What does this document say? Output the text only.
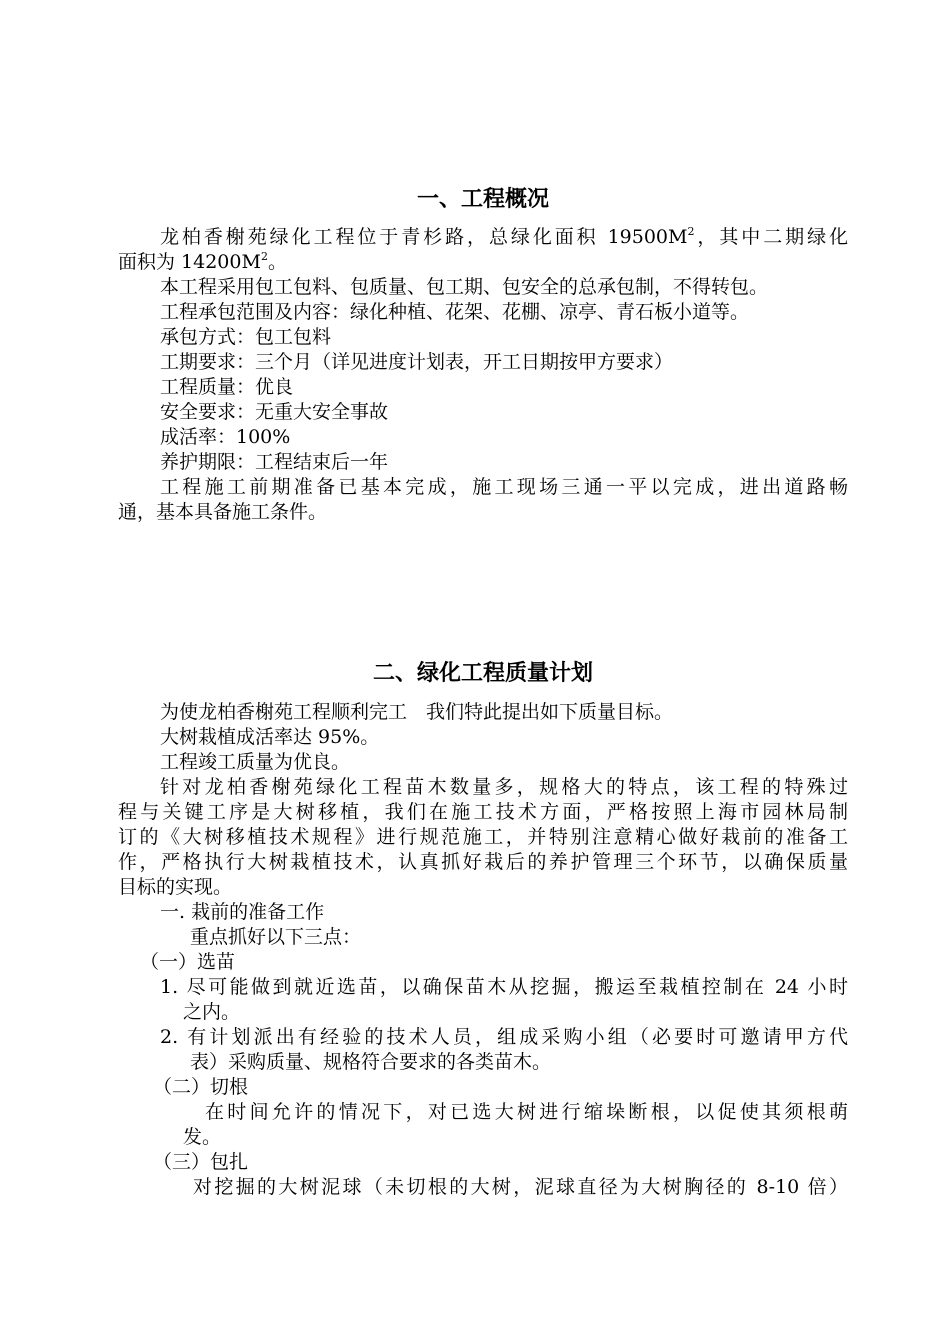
一、工程概况
龙柏香榭苑绿化工程位于青杉路，总绿化面积 $19500M^2$，其中二期绿化
面积为 $14200M^2$。
本工程采用包工包料、包质量、包工期、包安全的总承包制，不得转包。
工程承包范围及内容：绿化种植、花架、花棚、凉亭、青石板小道等。
承包方式：包工包料
工期要求：三个月（详见进度计划表，开工日期按甲方要求）
工程质量：优良
安全要求：无重大安全事故
成活率：100%
养护期限：工程结束后一年
工程施工前期准备已基本完成，施工现场三通一平以完成，进出道路畅
通，基本具备施工条件。
二、绿化工程质量计划
为使龙柏香榭苑工程顺利完工　我们特此提出如下质量目标。
大树栽植成活率达 95%。
工程竣工质量为优良。
针对龙柏香榭苑绿化工程苗木数量多，规格大的特点，该工程的特殊过
程与关键工序是大树移植，我们在施工技术方面，严格按照上海市园林局制
订的《大树移植技术规程》进行规范施工，并特别注意精心做好栽前的准备工
作，严格执行大树栽植技术，认真抓好栽后的养护管理三个环节，以确保质量
目标的实现。
一. 栽前的准备工作
重点抓好以下三点：
（一）选苗
1. 尽可能做到就近选苗，以确保苗木从挖掘，搬运至栽植控制在 24 小时
之内。
2. 有计划派出有经验的技术人员，组成采购小组（必要时可邀请甲方代
表）采购质量、规格符合要求的各类苗木。
（二）切根
在时间允许的情况下，对已选大树进行缩垛断根，以促使其须根萌
发。
（三）包扎
对挖掘的大树泥球（未切根的大树，泥球直径为大树胸径的 8-10 倍）
